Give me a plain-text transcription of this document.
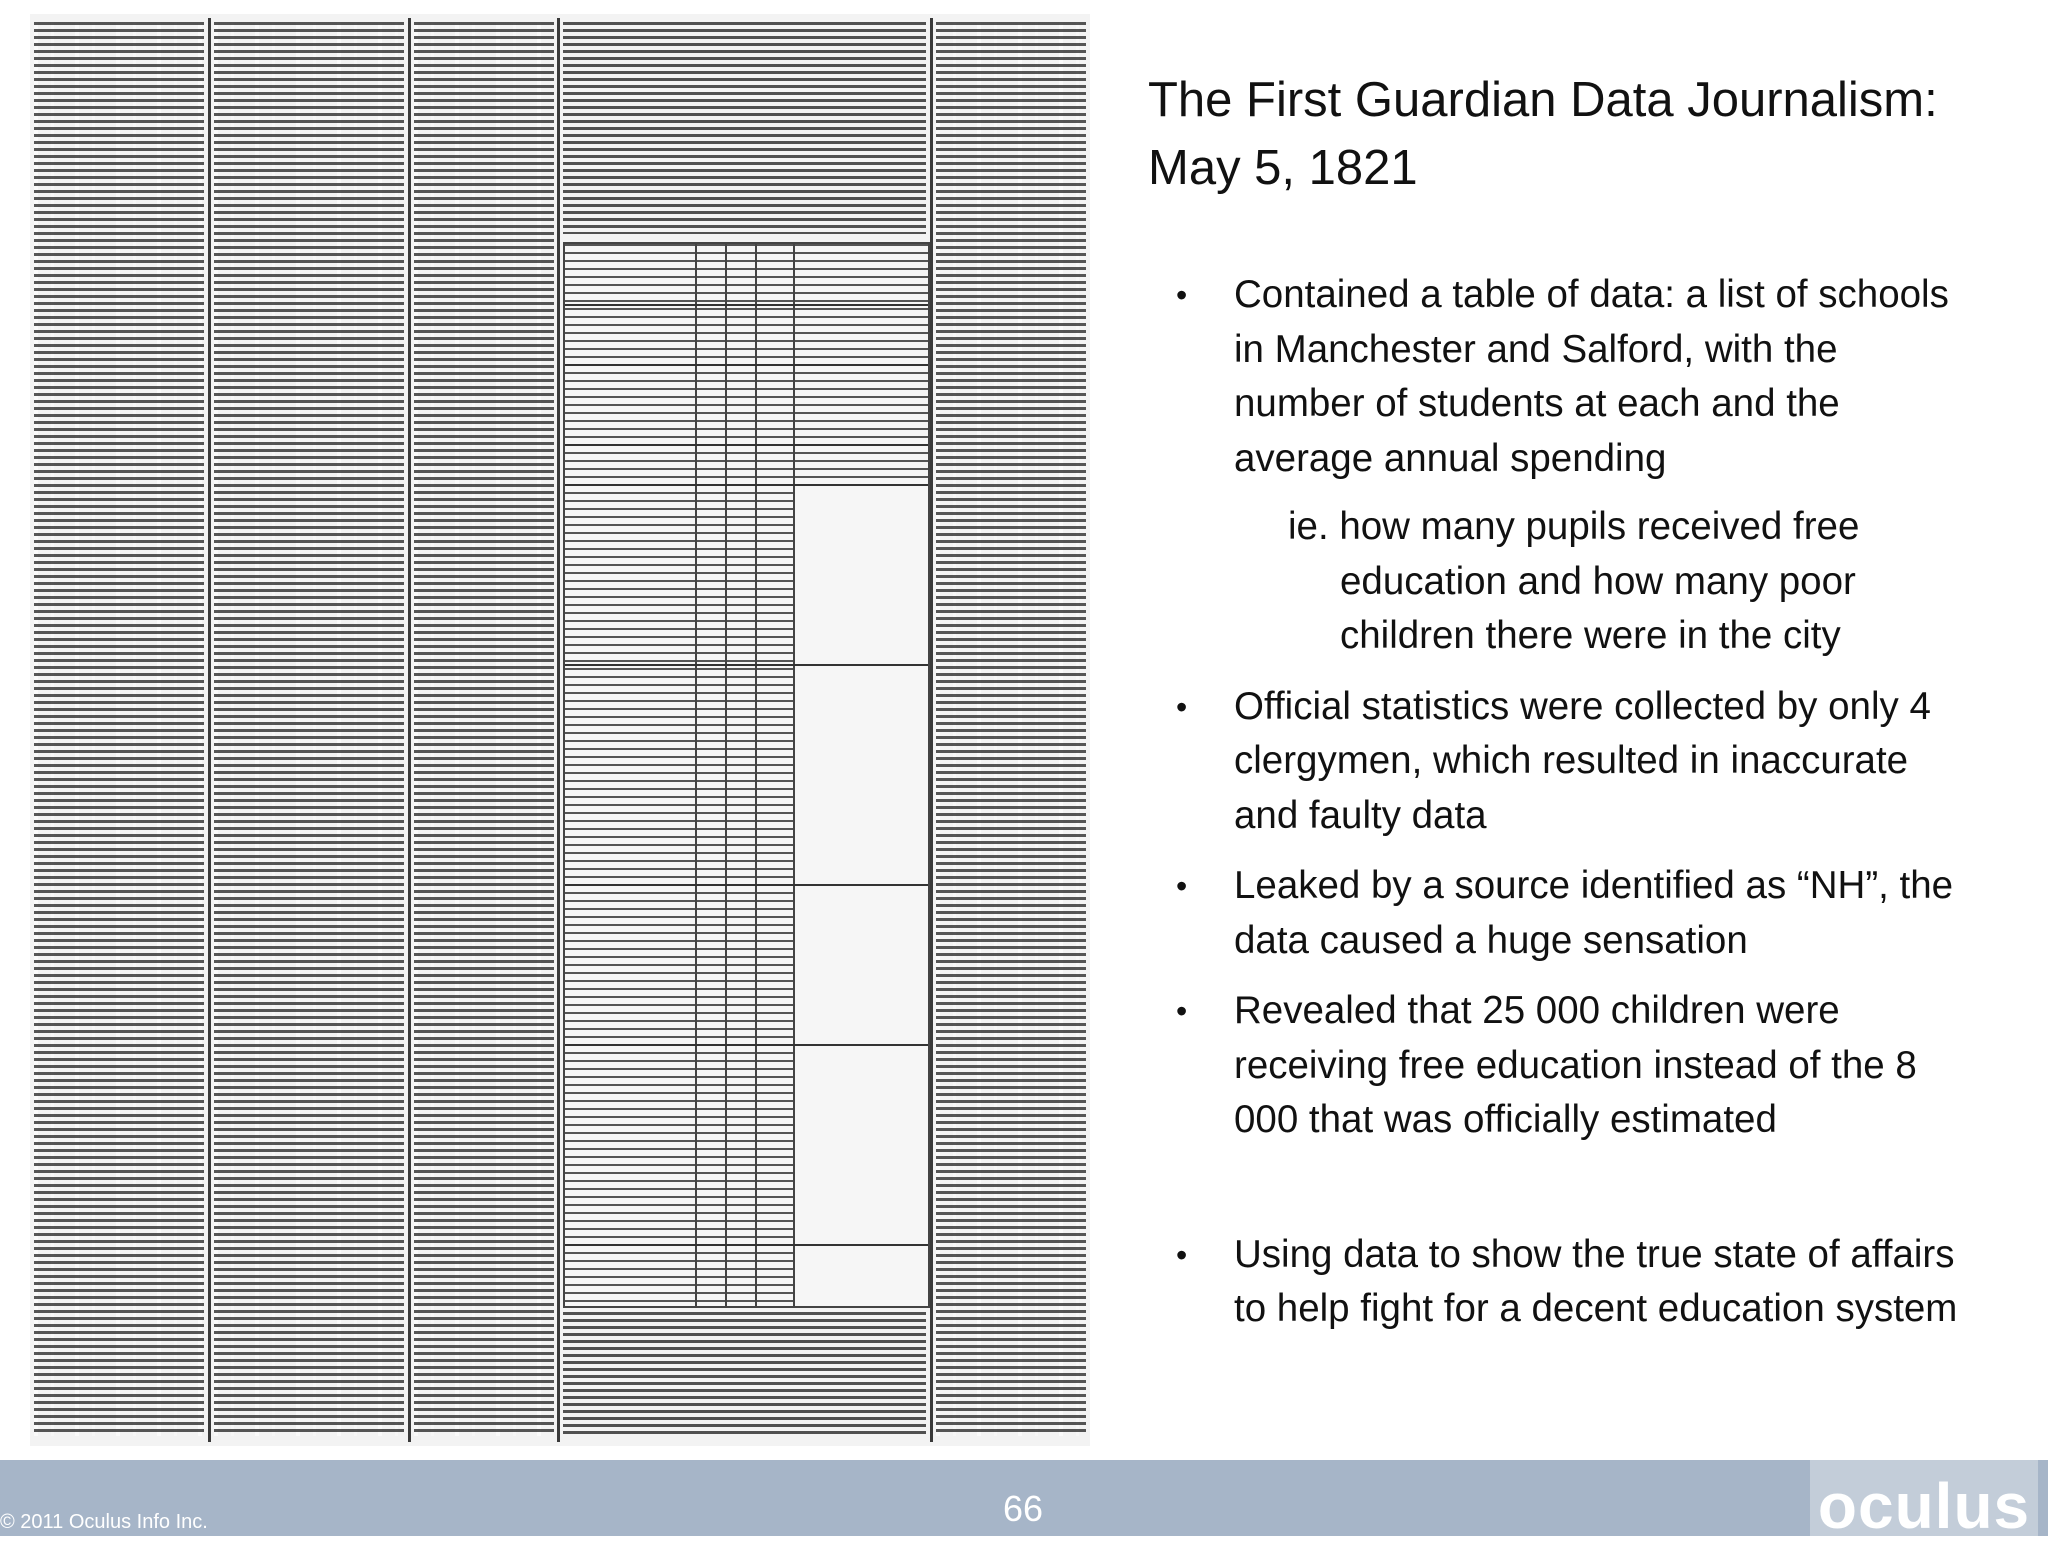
The First Guardian Data Journalism:
May 5, 1821
•	Contained a table of data: a list of schools in Manchester and Salford, with the number of students at each and the average annual spending
ie. how many pupils received free education and how many poor children there were in the city
•	Official statistics were collected by only 4 clergymen, which resulted in inaccurate and faulty data
•	Leaked by a source identified as “NH”, the data caused a huge sensation
•	Revealed that 25 000 children were receiving free education instead of the 8 000 that was officially estimated
•	Using data to show the true state of affairs to help fight for a decent education system
© 2011 Oculus Info Inc.	66	oculus
